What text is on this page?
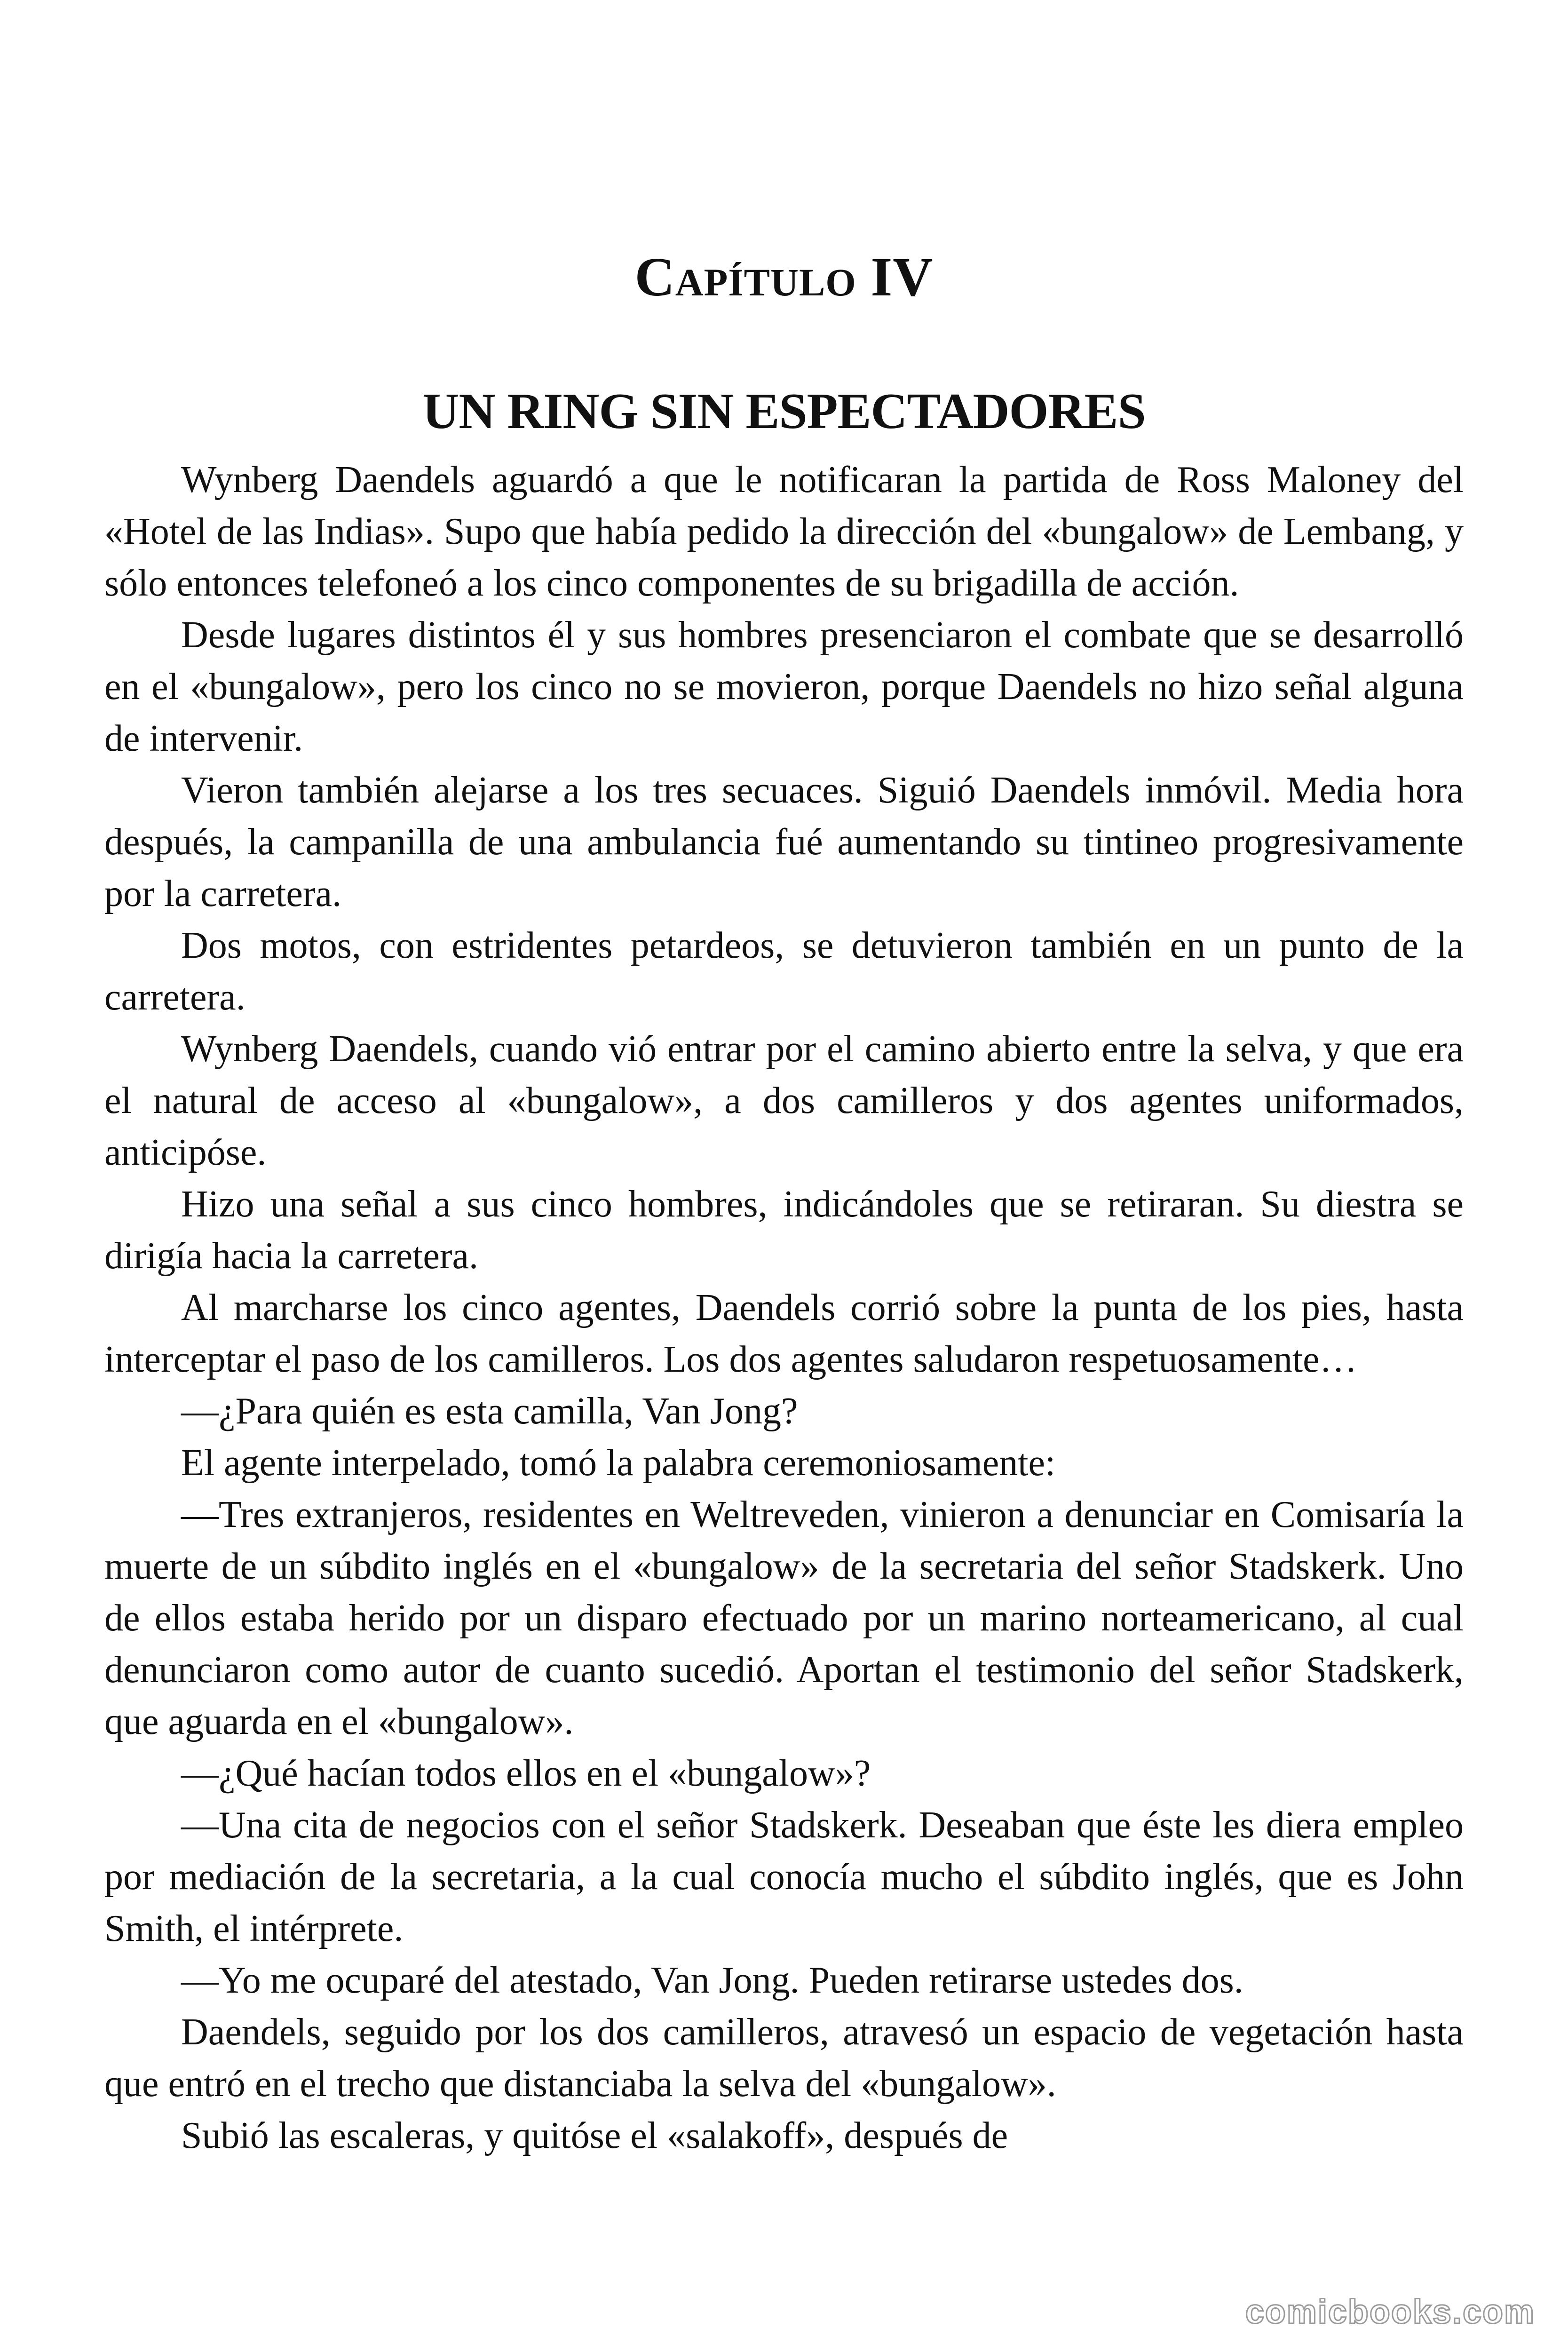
Capítulo IV
UN RING SIN ESPECTADORES

Wynberg Daendels aguardó a que le notificaran la partida de Ross Maloney del «Hotel de las Indias». Supo que había pedido la dirección del «bungalow» de Lembang, y sólo entonces telefoneó a los cinco componentes de su brigadilla de acción.

Desde lugares distintos él y sus hombres presenciaron el combate que se desarrolló en el «bungalow», pero los cinco no se movieron, porque Daendels no hizo señal alguna de intervenir.

Vieron también alejarse a los tres secuaces. Siguió Daendels inmóvil. Media hora después, la campanilla de una ambulancia fué aumentando su tintineo progresivamente por la carretera.

Dos motos, con estridentes petardeos, se detuvieron también en un punto de la carretera.

Wynberg Daendels, cuando vió entrar por el camino abierto entre la selva, y que era el natural de acceso al «bungalow», a dos camilleros y dos agentes uniformados, anticipóse.

Hizo una señal a sus cinco hombres, indicándoles que se retiraran. Su diestra se dirigía hacia la carretera.

Al marcharse los cinco agentes, Daendels corrió sobre la punta de los pies, hasta interceptar el paso de los camilleros. Los dos agentes saludaron respetuosamente…

—¿Para quién es esta camilla, Van Jong?

El agente interpelado, tomó la palabra ceremoniosamente:

—Tres extranjeros, residentes en Weltreveden, vinieron a denunciar en Comisaría la muerte de un súbdito inglés en el «bungalow» de la secretaria del señor Stadskerk. Uno de ellos estaba herido por un disparo efectuado por un marino norteamericano, al cual denunciaron como autor de cuanto sucedió. Aportan el testimonio del señor Stadskerk, que aguarda en el «bungalow».

—¿Qué hacían todos ellos en el «bungalow»?

—Una cita de negocios con el señor Stadskerk. Deseaban que éste les diera empleo por mediación de la secretaria, a la cual conocía mucho el súbdito inglés, que es John Smith, el intérprete.

—Yo me ocuparé del atestado, Van Jong. Pueden retirarse ustedes dos.

Daendels, seguido por los dos camilleros, atravesó un espacio de vegetación hasta que entró en el trecho que distanciaba la selva del «bungalow».

Subió las escaleras, y quitóse el «salakoff», después de

comicbooks.com
